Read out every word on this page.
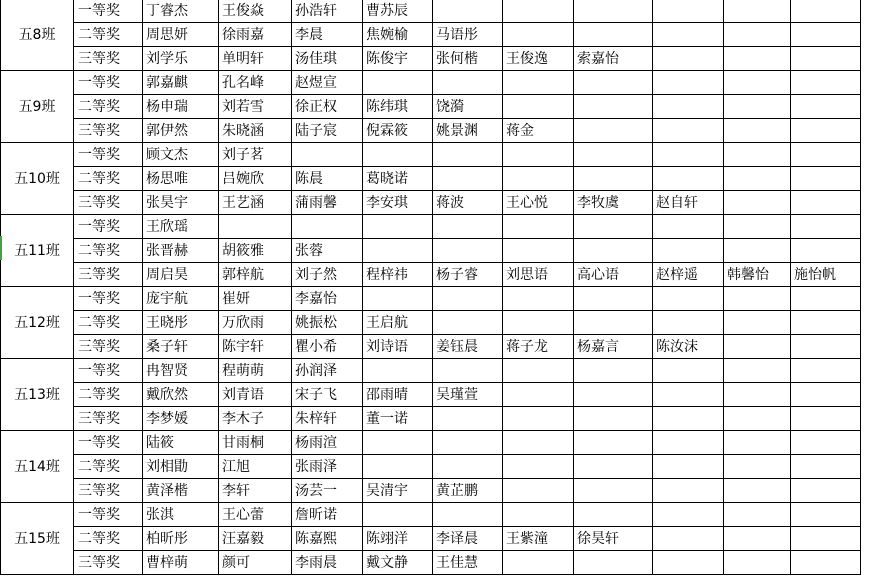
五8班	一等奖	丁睿杰	王俊焱	孙浩轩	曹苏辰						
	二等奖	周思妍	徐雨嘉	李晨	焦婉榆	马语彤					
	三等奖	刘学乐	单明轩	汤佳琪	陈俊宇	张何楷	王俊逸	索嘉怡			
五9班	一等奖	郭嘉麒	孔名峰	赵煜宣							
	二等奖	杨申瑞	刘若雪	徐正权	陈纬琪	饶漪					
	三等奖	郭伊然	朱晓涵	陆子宸	倪霖筱	姚景渊	蒋金				
五10班	一等奖	顾文杰	刘子茗								
	二等奖	杨思唯	吕婉欣	陈晨	葛晓诺						
	三等奖	张昊宇	王艺涵	蒲雨馨	李安琪	蒋波	王心悦	李牧虞	赵自轩		
五11班	一等奖	王欣瑶									
	二等奖	张晋赫	胡筱雅	张蓉							
	三等奖	周启昊	郭梓航	刘子然	程梓祎	杨子睿	刘思语	高心语	赵梓遥	韩馨怡	施怡帆
五12班	一等奖	庞宇航	崔妍	李嘉怡							
	二等奖	王晓彤	万欣雨	姚振松	王启航						
	三等奖	桑子轩	陈宇轩	瞿小希	刘诗语	姜钰晨	蒋子龙	杨嘉言	陈汝沫		
五13班	一等奖	冉智贤	程萌萌	孙润泽							
	二等奖	戴欣然	刘青语	宋子飞	邵雨晴	吴瑾萱					
	三等奖	李梦媛	李木子	朱梓轩	董一诺						
五14班	一等奖	陆筱	甘雨桐	杨雨渲							
	二等奖	刘相勖	江旭	张雨泽							
	三等奖	黄泽楷	李轩	汤芸一	吴清宇	黄芷鹏					
五15班	一等奖	张淇	王心蕾	詹昕诺							
	二等奖	柏昕彤	汪嘉毅	陈嘉熙	陈翊洋	李译晨	王紫潼	徐昊轩			
	三等奖	曹梓萌	颜可	李雨晨	戴文静	王佳慧					
